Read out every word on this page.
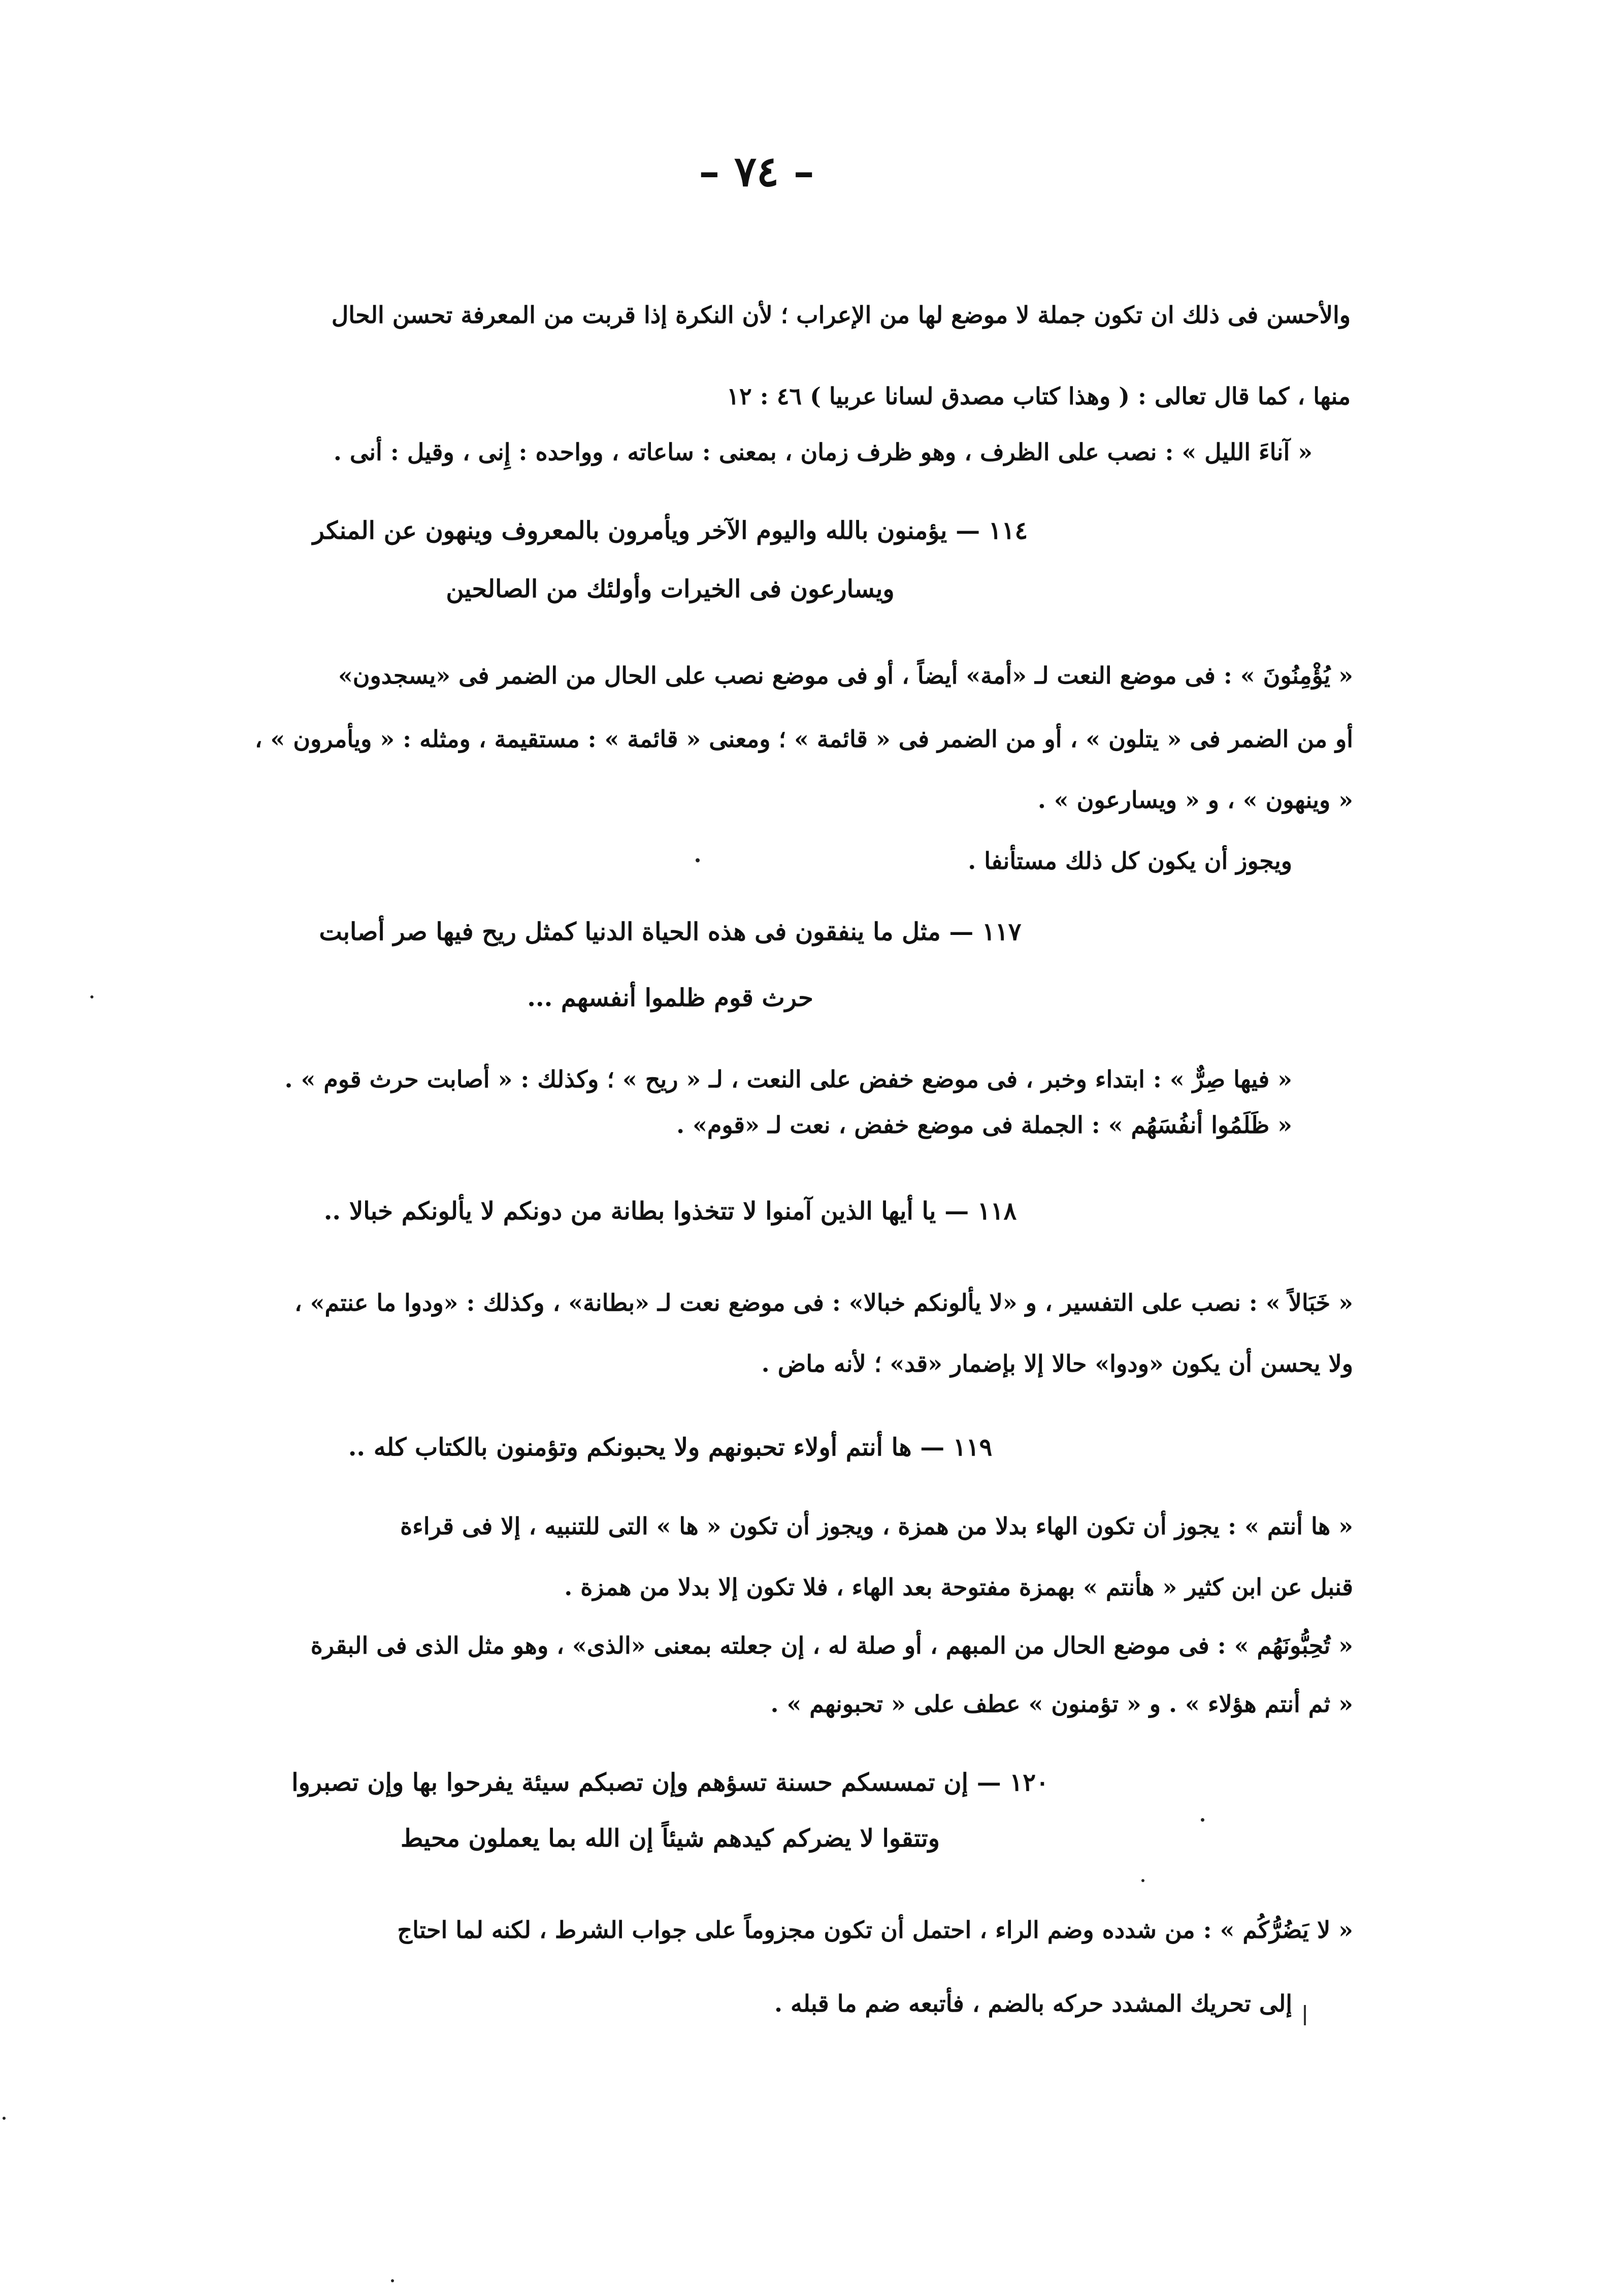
– ٧٤ –
والأحسن فى ذلك ان تكون جملة لا موضع لها من الإعراب ؛ لأن النكرة إذا قربت من المعرفة تحسن الحال
منها ، كما قال تعالى : ( وهذا كتاب مصدق لسانا عربيا ) ٤٦ : ١٢
« آناءَ الليل » : نصب على الظرف ، وهو ظرف زمان ، بمعنى : ساعاته ، وواحده : إِنى ، وقيل : أنى .
١١٤ — يؤمنون بالله واليوم الآخر ويأمرون بالمعروف وينهون عن المنكر
ويسارعون فى الخيرات وأولئك من الصالحين
« يُؤْمِنُونَ » : فى موضع النعت لـ «أمة» أيضاً ، أو فى موضع نصب على الحال من الضمر فى «يسجدون»
أو من الضمر فى « يتلون » ، أو من الضمر فى « قائمة » ؛ ومعنى « قائمة » : مستقيمة ، ومثله : « ويأمرون » ،
« وينهون » ، و « ويسارعون » .
ويجوز أن يكون كل ذلك مستأنفا .
١١٧ — مثل ما ينفقون فى هذه الحياة الدنيا كمثل ريح فيها صر أصابت
حرث قوم ظلموا أنفسهم ...
« فيها صِرٌّ » : ابتداء وخبر ، فى موضع خفض على النعت ، لـ « ريح » ؛ وكذلك : « أصابت حرث قوم » .
« ظَلَمُوا أنفُسَهُم » : الجملة فى موضع خفض ، نعت لـ «قوم» .
١١٨ — يا أيها الذين آمنوا لا تتخذوا بطانة من دونكم لا يألونكم خبالا ..
« خَبَالاً » : نصب على التفسير ، و «لا يألونكم خبالا» : فى موضع نعت لـ «بطانة» ، وكذلك : «ودوا ما عنتم» ،
ولا يحسن أن يكون «ودوا» حالا إلا بإضمار «قد» ؛ لأنه ماض .
١١٩ — ها أنتم أولاء تحبونهم ولا يحبونكم وتؤمنون بالكتاب كله ..
« ها أنتم » : يجوز أن تكون الهاء بدلا من همزة ، ويجوز أن تكون « ها » التى للتنبيه ، إلا فى قراءة
قنبل عن ابن كثير « هأنتم » بهمزة مفتوحة بعد الهاء ، فلا تكون إلا بدلا من همزة .
« تُحِبُّونَهُم » : فى موضع الحال من المبهم ، أو صلة له ، إن جعلته بمعنى «الذى» ، وهو مثل الذى فى البقرة
« ثم أنتم هؤلاء » . و « تؤمنون » عطف على « تحبونهم » .
١٢٠ — إن تمسسكم حسنة تسؤهم وإن تصبكم سيئة يفرحوا بها وإن تصبروا
وتتقوا لا يضركم كيدهم شيئاً إن الله بما يعملون محيط
« لا يَضُرُّكُم » : من شدده وضم الراء ، احتمل أن تكون مجزوماً على جواب الشرط ، لكنه لما احتاج
إلى تحريك المشدد حركه بالضم ، فأتبعه ضم ما قبله .
